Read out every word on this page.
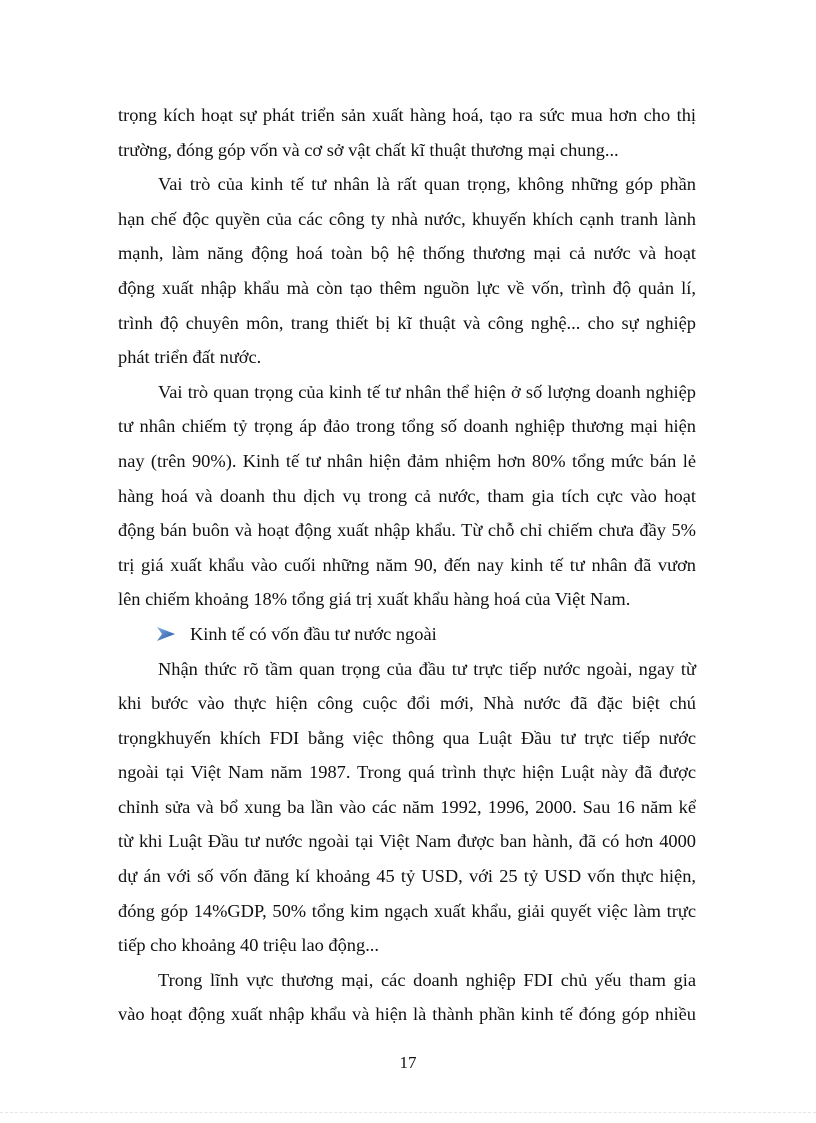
trọng kích hoạt sự phát triển sản xuất hàng hoá, tạo ra sức mua hơn cho thị
trường, đóng góp vốn và cơ sở vật chất kĩ thuật thương mại chung...
Vai trò của kinh tế tư nhân là rất quan trọng, không những góp phần
hạn chế độc quyền của các công ty nhà nước, khuyến khích cạnh tranh lành
mạnh, làm năng động hoá toàn bộ hệ thống thương mại cả nước và hoạt
động xuất nhập khẩu mà còn tạo thêm nguồn lực về vốn, trình độ quản lí,
trình độ chuyên môn, trang thiết bị kĩ thuật và công nghệ... cho sự nghiệp
phát triển đất nước.
Vai trò quan trọng của kinh tế tư nhân thể hiện ở số lượng doanh nghiệp
tư nhân chiếm tỷ trọng áp đảo trong tổng số doanh nghiệp thương mại hiện
nay (trên 90%). Kinh tế tư nhân hiện đảm nhiệm hơn 80% tổng mức bán lẻ
hàng hoá và doanh thu dịch vụ trong cả nước, tham gia tích cực vào hoạt
động bán buôn và hoạt động xuất nhập khẩu. Từ chỗ chỉ chiếm chưa đầy 5%
trị giá xuất khẩu vào cuối những năm 90, đến nay kinh tế tư nhân đã vươn
lên chiếm khoảng 18% tổng giá trị xuất khẩu hàng hoá của Việt Nam.
Kinh tế có vốn đầu tư nước ngoài
Nhận thức rõ tầm quan trọng của đầu tư trực tiếp nước ngoài, ngay từ
khi bước vào thực hiện công cuộc đổi mới, Nhà nước đã đặc biệt chú
trọngkhuyến khích FDI bằng việc thông qua Luật Đầu tư trực tiếp nước
ngoài tại Việt Nam năm 1987. Trong quá trình thực hiện Luật này đã được
chỉnh sửa và bổ xung ba lần vào các năm 1992, 1996, 2000. Sau 16 năm kể
từ khi Luật Đầu tư nước ngoài tại Việt Nam được ban hành, đã có hơn 4000
dự án với số vốn đăng kí khoảng 45 tỷ USD, với 25 tỷ USD vốn thực hiện,
đóng góp 14%GDP, 50% tổng kim ngạch xuất khẩu, giải quyết việc làm trực
tiếp cho khoảng 40 triệu lao động...
Trong lĩnh vực thương mại, các doanh nghiệp FDI chủ yếu tham gia
vào hoạt động xuất nhập khẩu và hiện là thành phần kinh tế đóng góp nhiều
17
